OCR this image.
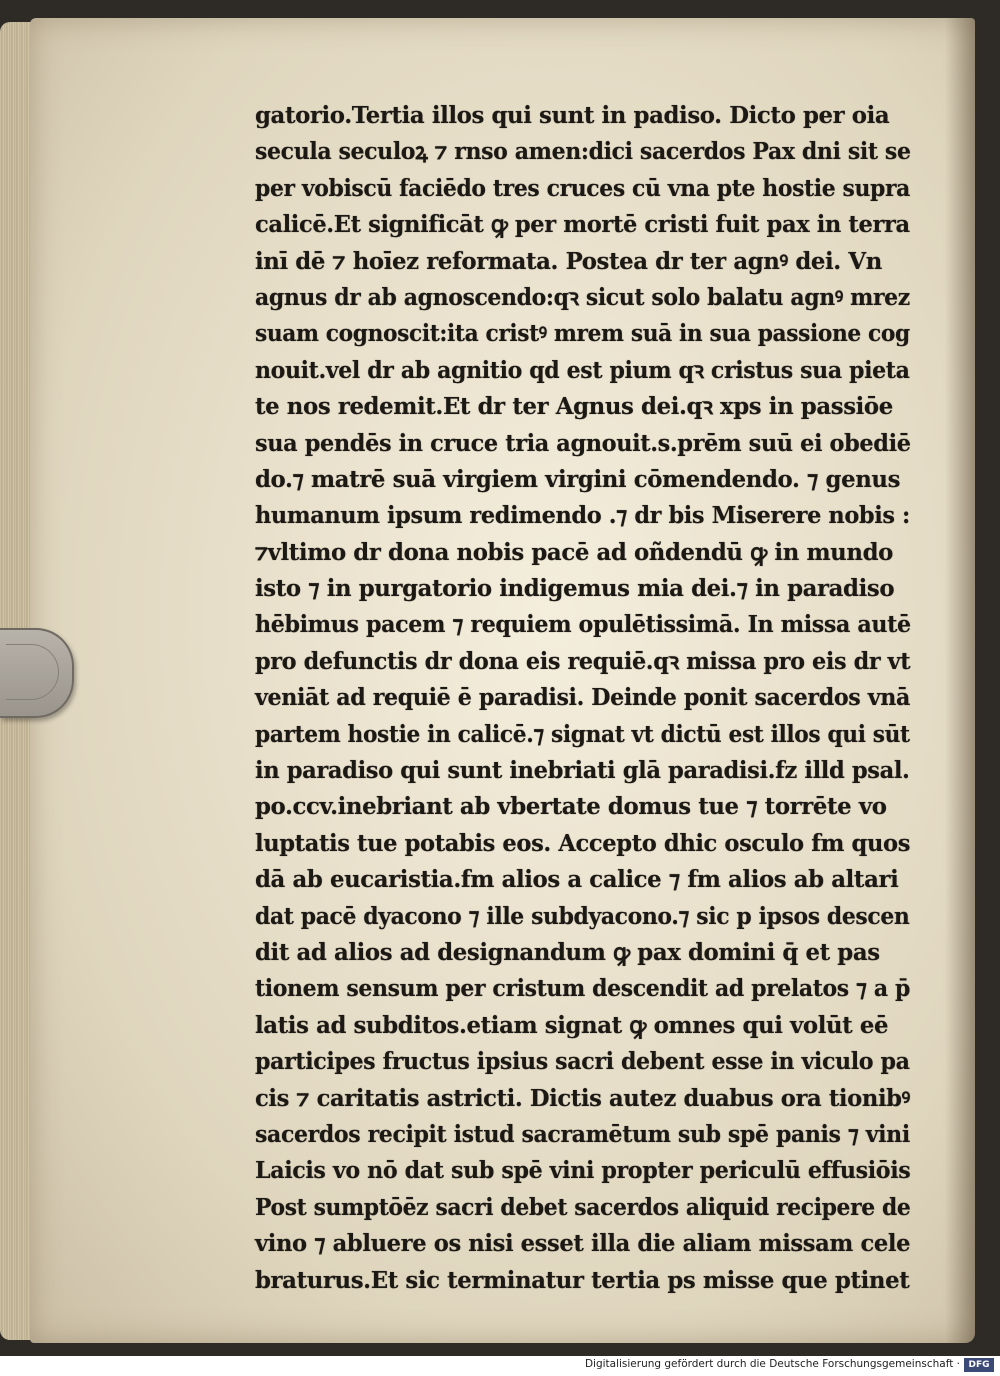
gatorio.Tertia illos qui sunt in padiso. Dicto per oia
secula seculoꝝ ⁊ rnso amen:dici sacerdos Pax dni sit se
per vobiscū faciēdo tres cruces cū vna pte hostie supra
calicē.Et significāt ꝙ per mortē cristi fuit pax in terra
inī dē ⁊ hoīez reformata. Postea dr ter agnꝰ dei. Vn
agnus dr ab agnoscendo:qꝛ sicut solo balatu agnꝰ mrez
suam cognoscit:ita cristꝰ mrem suā in sua passione cog
nouit.vel dr ab agnitio qd est pium qꝛ cristus sua pieta
te nos redemit.Et dr ter Agnus dei.qꝛ xps in passiōe
sua pendēs in cruce tria agnouit.s.prēm suū ei obediē
do.⁊ matrē suā virgiem virgini cōmendendo. ⁊ genus
humanum ipsum redimendo .⁊ dr bis Miserere nobis :
⁊vltimo dr dona nobis pacē ad oñdendū ꝙ in mundo
isto ⁊ in purgatorio indigemus mia dei.⁊ in paradiso
hēbimus pacem ⁊ requiem opulētissimā. In missa autē
pro defunctis dr dona eis requiē.qꝛ missa pro eis dr vt
veniāt ad requiē ē paradisi. Deinde ponit sacerdos vnā
partem hostie in calicē.⁊ signat vt dictū est illos qui sūt
in paradiso qui sunt inebriati glā paradisi.fz illd psal.
po.ccv.inebriant ab vbertate domus tue ⁊ torrēte vo
luptatis tue potabis eos. Accepto dhic osculo fm quos
dā ab eucaristia.fm alios a calice ⁊ fm alios ab altari
dat pacē dyacono ⁊ ille subdyacono.⁊ sic p ipsos descen
dit ad alios ad designandum ꝙ pax domini q̄ et pas
tionem sensum per cristum descendit ad prelatos ⁊ a p̄
latis ad subditos.etiam signat ꝙ omnes qui volūt eē
participes fructus ipsius sacri debent esse in viculo pa
cis ⁊ caritatis astricti. Dictis autez duabus ora tionibꝰ
sacerdos recipit istud sacramētum sub spē panis ⁊ vini
Laicis vo nō dat sub spē vini propter periculū effusiōis
Post sumptōēz sacri debet sacerdos aliquid recipere de
vino ⁊ abluere os nisi esset illa die aliam missam cele
braturus.Et sic terminatur tertia ps misse que ptinet
Digitalisierung gefördert durch die Deutsche Forschungsgemeinschaft · DFG
